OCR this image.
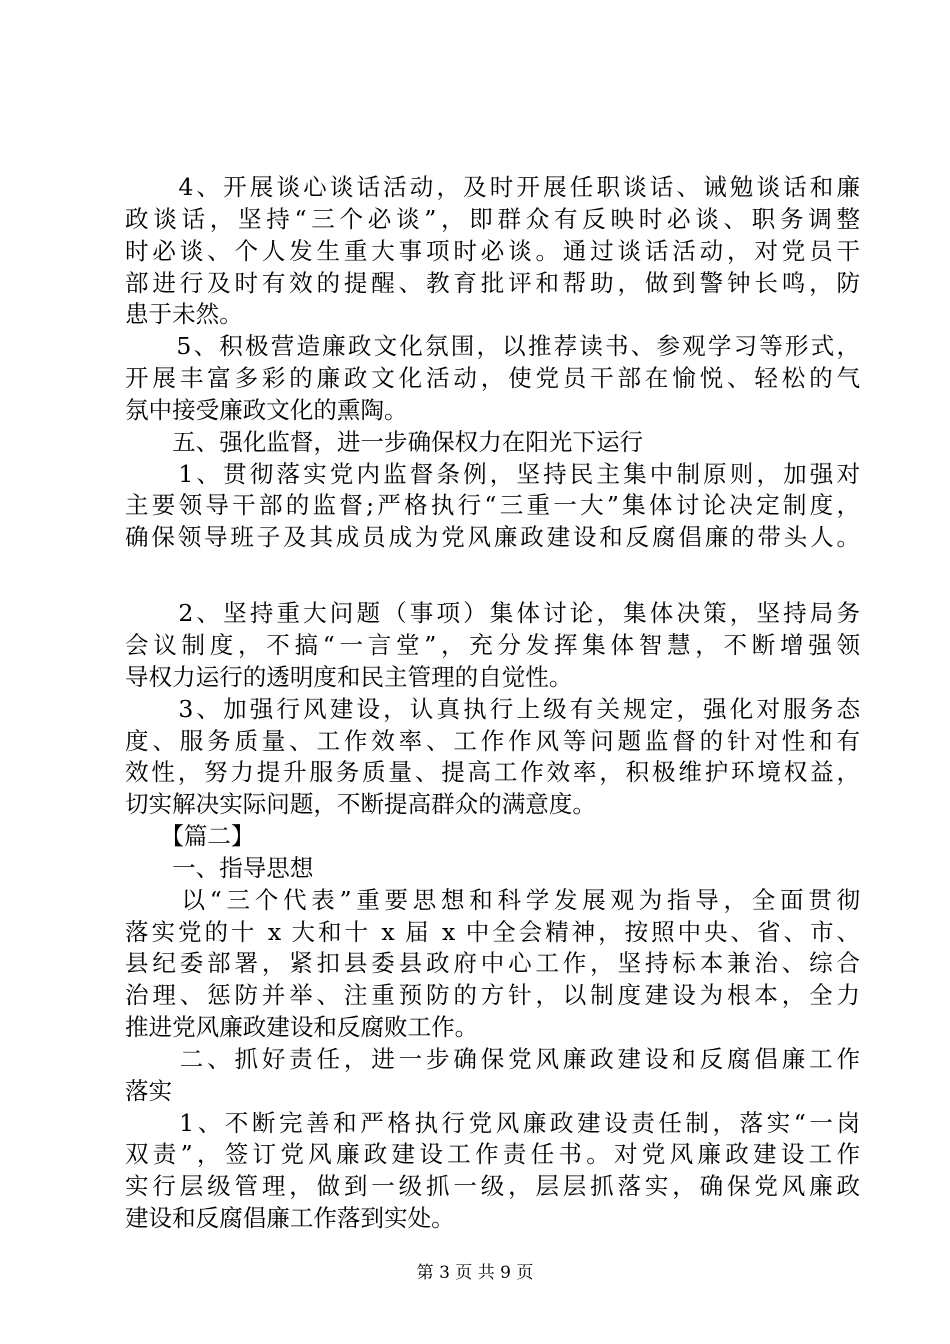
　　4、开展谈心谈话活动，及时开展任职谈话、诫勉谈话和廉
政谈话，坚持“三个必谈”，即群众有反映时必谈、职务调整
时必谈、个人发生重大事项时必谈。通过谈话活动，对党员干
部进行及时有效的提醒、教育批评和帮助，做到警钟长鸣，防
患于未然。
　　5、积极营造廉政文化氛围，以推荐读书、参观学习等形式，
开展丰富多彩的廉政文化活动，使党员干部在愉悦、轻松的气
氛中接受廉政文化的熏陶。
　　五、强化监督，进一步确保权力在阳光下运行
　　1、贯彻落实党内监督条例，坚持民主集中制原则，加强对
主要领导干部的监督;严格执行“三重一大”集体讨论决定制度，
确保领导班子及其成员成为党风廉政建设和反腐倡廉的带头人。
　　2、坚持重大问题（事项）集体讨论，集体决策，坚持局务
会议制度，不搞“一言堂”，充分发挥集体智慧，不断增强领
导权力运行的透明度和民主管理的自觉性。
　　3、加强行风建设，认真执行上级有关规定，强化对服务态
度、服务质量、工作效率、工作作风等问题监督的针对性和有
效性，努力提升服务质量、提高工作效率，积极维护环境权益，
切实解决实际问题，不断提高群众的满意度。
　　【篇二】
　　一、指导思想
　　以“三个代表”重要思想和科学发展观为指导，全面贯彻
落实党的十 x 大和十 x 届 x 中全会精神，按照中央、省、市、
县纪委部署，紧扣县委县政府中心工作，坚持标本兼治、综合
治理、惩防并举、注重预防的方针，以制度建设为根本，全力
推进党风廉政建设和反腐败工作。
　　二、抓好责任，进一步确保党风廉政建设和反腐倡廉工作
落实
　　1、不断完善和严格执行党风廉政建设责任制，落实“一岗
双责”，签订党风廉政建设工作责任书。对党风廉政建设工作
实行层级管理，做到一级抓一级，层层抓落实，确保党风廉政
建设和反腐倡廉工作落到实处。
第 3 页 共 9 页
